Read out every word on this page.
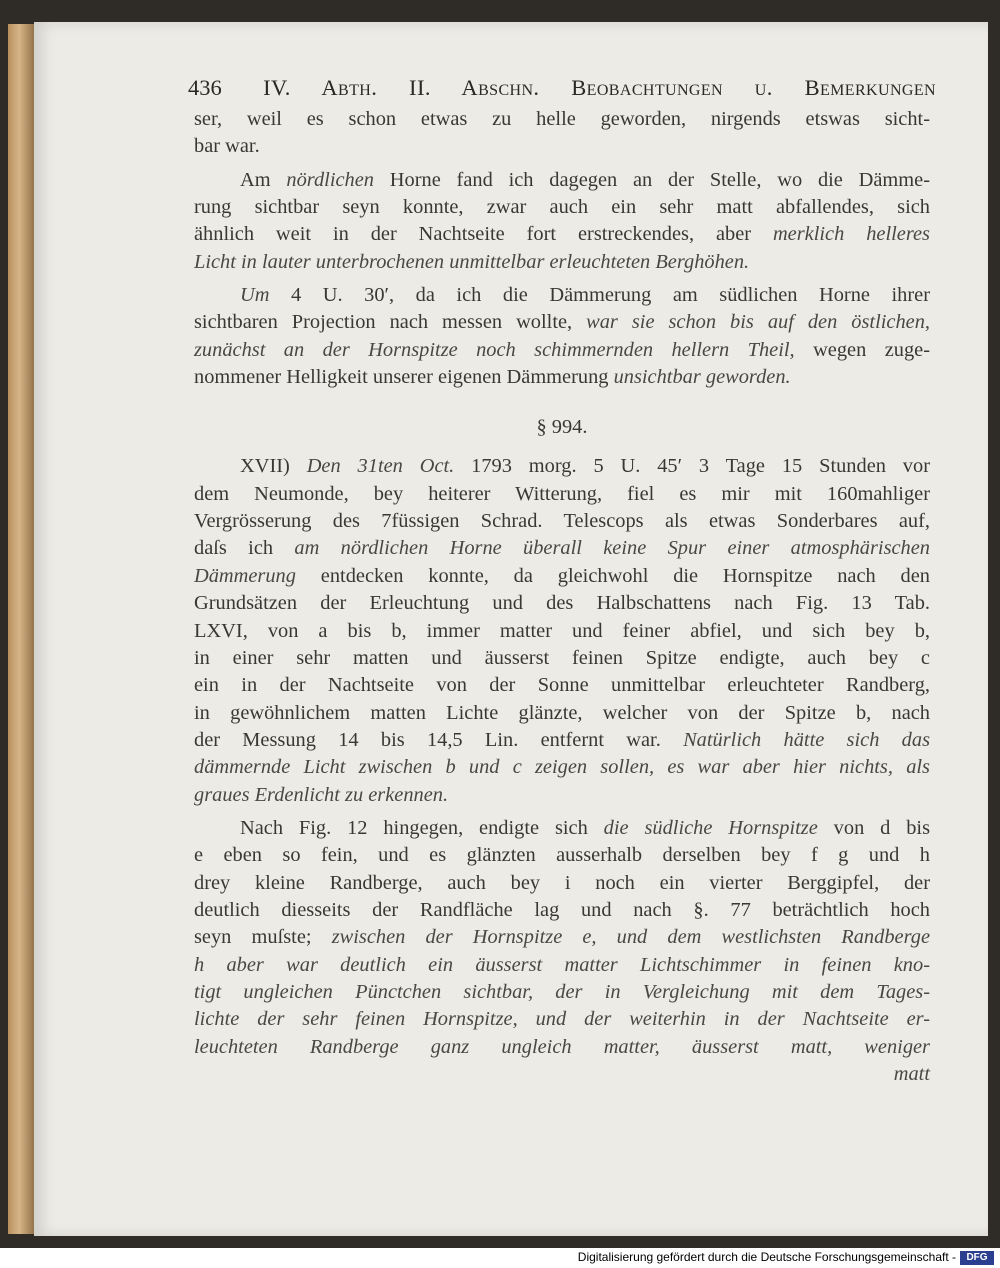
436 IV. Abth. II. Abschn. Beobachtungen u. Bemerkungen
ser, weil es schon etwas zu helle geworden, nirgends etswas sicht-
bar war.
Am nördlichen Horne fand ich dagegen an der Stelle, wo die Dämme-
rung sichtbar seyn konnte, zwar auch ein sehr matt abfallendes, sich
ähnlich weit in der Nachtseite fort erstreckendes, aber merklich helleres
Licht in lauter unterbrochenen unmittelbar erleuchteten Berghöhen.
Um 4 U. 30′, da ich die Dämmerung am südlichen Horne ihrer
sichtbaren Projection nach messen wollte, war sie schon bis auf den östlichen,
zunächst an der Hornspitze noch schimmernden hellern Theil, wegen zuge-
nommener Helligkeit unserer eigenen Dämmerung unsichtbar geworden.
§ 994.
XVII) Den 31ten Oct. 1793 morg. 5 U. 45′ 3 Tage 15 Stunden vor
dem Neumonde, bey heiterer Witterung, fiel es mir mit 160mahliger
Vergrösserung des 7füssigen Schrad. Telescops als etwas Sonderbares auf,
daſs ich am nördlichen Horne überall keine Spur einer atmosphärischen
Dämmerung entdecken konnte, da gleichwohl die Hornspitze nach den
Grundsätzen der Erleuchtung und des Halbschattens nach Fig. 13 Tab.
LXVI, von a bis b, immer matter und feiner abfiel, und sich bey b,
in einer sehr matten und äusserst feinen Spitze endigte, auch bey c
ein in der Nachtseite von der Sonne unmittelbar erleuchteter Randberg,
in gewöhnlichem matten Lichte glänzte, welcher von der Spitze b, nach
der Messung 14 bis 14,5 Lin. entfernt war. Natürlich hätte sich das
dämmernde Licht zwischen b und c zeigen sollen, es war aber hier nichts, als
graues Erdenlicht zu erkennen.
Nach Fig. 12 hingegen, endigte sich die südliche Hornspitze von d bis
e eben so fein, und es glänzten ausserhalb derselben bey f g und h
drey kleine Randberge, auch bey i noch ein vierter Berggipfel, der
deutlich diesseits der Randfläche lag und nach §. 77 beträchtlich hoch
seyn muſste; zwischen der Hornspitze e, und dem westlichsten Randberge
h aber war deutlich ein äusserst matter Lichtschimmer in feinen kno-
tigt ungleichen Pünctchen sichtbar, der in Vergleichung mit dem Tages-
lichte der sehr feinen Hornspitze, und der weiterhin in der Nachtseite er-
leuchteten Randberge ganz ungleich matter, äusserst matt, weniger
matt
Digitalisierung gefördert durch die Deutsche Forschungsgemeinschaft -	DFG
